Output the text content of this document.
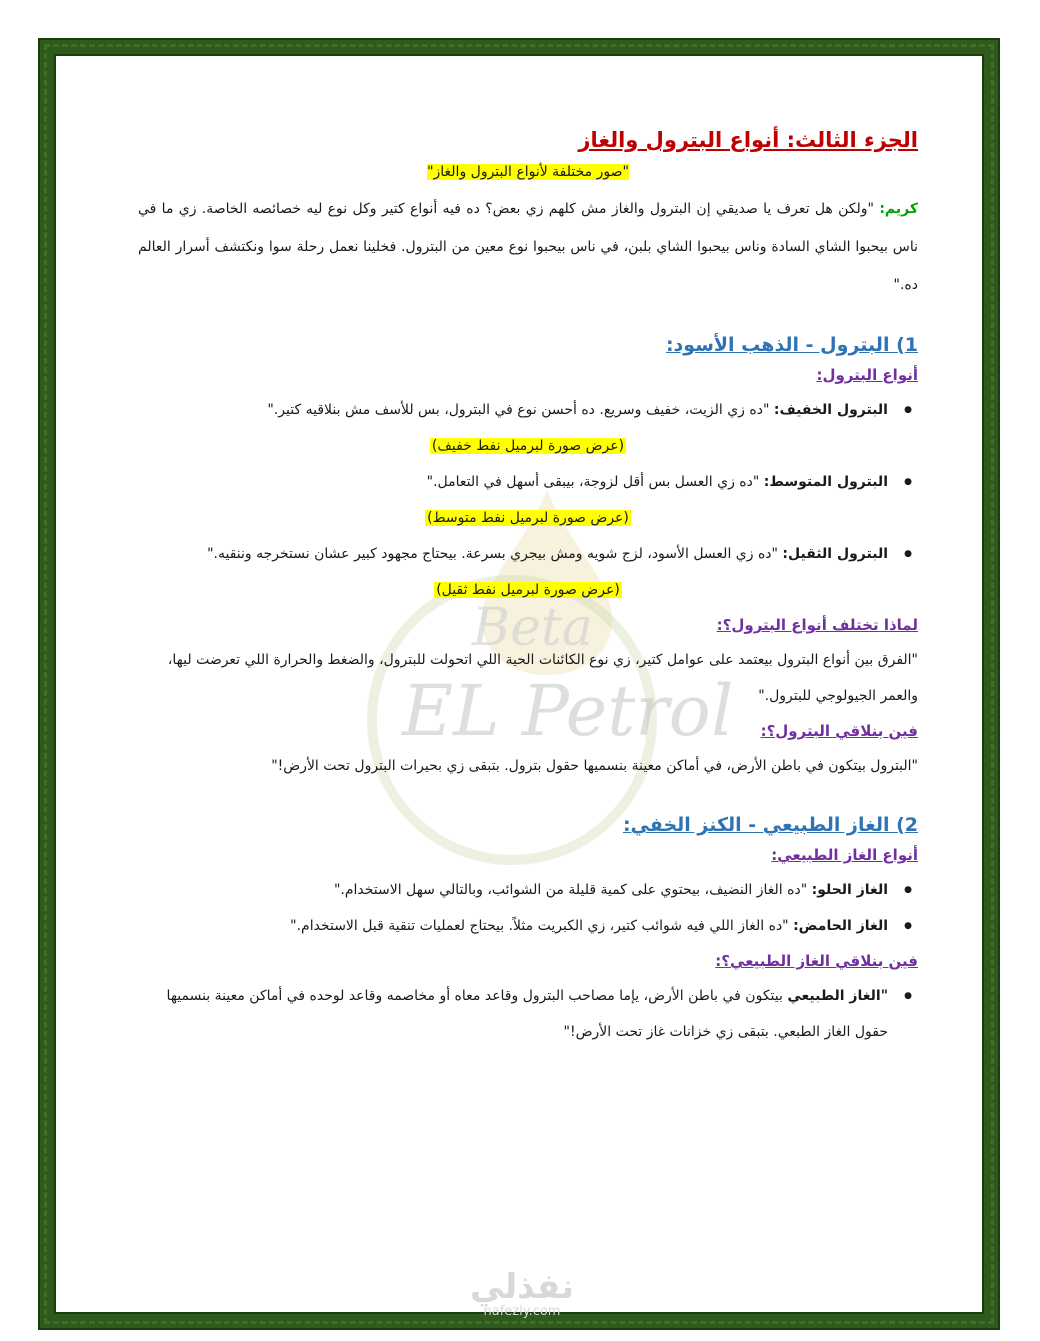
Beta
EL Petrol
الجزء الثالث: أنواع البترول والغاز
"صور مختلفة لأنواع البترول والغاز"

كريم: "ولكن هل تعرف يا صديقي إن البترول والغاز مش كلهم زي بعض؟ ده فيه أنواع كتير وكل نوع ليه خصائصه الخاصة. زي ما في ناس بيحبوا الشاي السادة وناس بيحبوا الشاي بلبن، في ناس بيحبوا نوع معين من البترول. فخلينا نعمل رحلة سوا ونكتشف أسرار العالم ده."

1) البترول - الذهب الأسود:
أنواع البترول:
● البترول الخفيف: "ده زي الزيت، خفيف وسريع. ده أحسن نوع في البترول، بس للأسف مش بنلاقيه كتير."
(عرض صورة لبرميل نفط خفيف)
● البترول المتوسط: "ده زي العسل بس أقل لزوجة، بيبقى أسهل في التعامل."
(عرض صورة لبرميل نفط متوسط)
● البترول الثقيل: "ده زي العسل الأسود، لزج شويه ومش بيجري بسرعة. بيحتاج مجهود كبير عشان نستخرجه وننقيه."
(عرض صورة لبرميل نفط ثقيل)
لماذا تختلف أنواع البترول؟:

"الفرق بين أنواع البترول بيعتمد على عوامل كتير، زي نوع الكائنات الحية اللي اتحولت للبترول، والضغط والحرارة اللي تعرضت ليها، والعمر الجيولوجي للبترول."

فين بنلاقي البترول؟:

"البترول بيتكون في باطن الأرض، في أماكن معينة بنسميها حقول بترول. بتبقى زي بحيرات البترول تحت الأرض!"

2) الغاز الطبيعي - الكنز الخفي:
أنواع الغاز الطبيعي:
● الغاز الحلو: "ده الغاز النضيف، بيحتوي على كمية قليلة من الشوائب، وبالتالي سهل الاستخدام."
● الغاز الحامض: "ده الغاز اللي فيه شوائب كتير، زي الكبريت مثلاً. بيحتاج لعمليات تنقية قبل الاستخدام."
فين بنلاقي الغاز الطبيعي؟:
● "الغاز الطبيعي بيتكون في باطن الأرض، يإما مصاحب البترول وقاعد معاه أو مخاصمه وقاعد لوحده في أماكن معينة بنسميها حقول الغاز الطبعي. بتبقى زي خزانات غاز تحت الأرض!"
نفذلي
nafezly.com
